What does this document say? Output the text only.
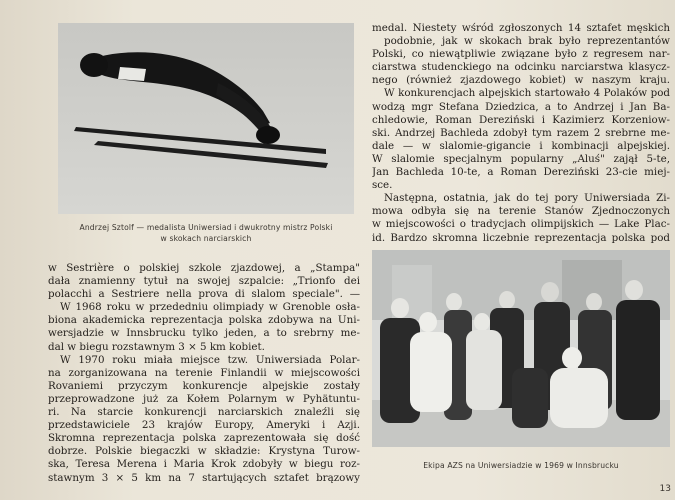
Andrzej Sztolf — medalista Uniwersiad i dwukrotny mistrz Polski
w skokach narciarskich

medal. Niestety wśród zgłoszonych 14 sztafet męskich
podobnie, jak w skokach brak było reprezentantów
Polski, co niewątpliwie związane było z regresem nar-
ciarstwa studenckiego na odcinku narciarstwa klasycz-
nego (również zjazdowego kobiet) w naszym kraju.
W konkurencjach alpejskich startowało 4 Polaków pod
wodzą mgr Stefana Dziedzica, a to Andrzej i Jan Ba-
chledowie, Roman Dereziński i Kazimierz Korzeniow-
ski. Andrzej Bachleda zdobył tym razem 2 srebrne me-
dale — w slalomie-gigancie i kombinacji alpejskiej.
W slalomie specjalnym popularny „Aluś" zajął 5-te,
Jan Bachleda 10-te, a Roman Dereziński 23-cie miej-
sce.

Następna, ostatnia, jak do tej pory Uniwersiada Zi-
mowa odbyła się na terenie Stanów Zjednoczonych
w miejscowości o tradycjach olimpijskich — Lake Plac-
id. Bardzo skromna liczebnie reprezentacja polska pod

w Sestrière o polskiej szkole zjazdowej, a „Stampa"
dała znamienny tytuł na swojej szpalcie: „Trionfo dei
polacchi a Sestriere nella prova di slalom speciale". —
W 1968 roku w przededniu olimpiady w Grenoble osła-
biona akademicka reprezentacja polska zdobywa na Uni-
wersjadzie w Innsbrucku tylko jeden, a to srebrny me-
dal w biegu rozstawnym 3 × 5 km kobiet.

W 1970 roku miała miejsce tzw. Uniwersiada Polar-
na zorganizowana na terenie Finlandii w miejscowości
Rovaniemi przyczym konkurencje alpejskie zostały
przeprowadzone już za Kołem Polarnym w Pyhätuntu-
ri. Na starcie konkurencji narciarskich znaleźli się
przedstawiciele 23 krajów Europy, Ameryki i Azji.
Skromna reprezentacja polska zaprezentowała się dość
dobrze. Polskie biegaczki w składzie: Krystyna Turow-
ska, Teresa Merena i Maria Krok zdobyły w biegu roz-
stawnym 3 × 5 km na 7 startujących sztafet brązowy

Ekipa AZS na Uniwersiadzie w 1969 w Innsbrucku
13
